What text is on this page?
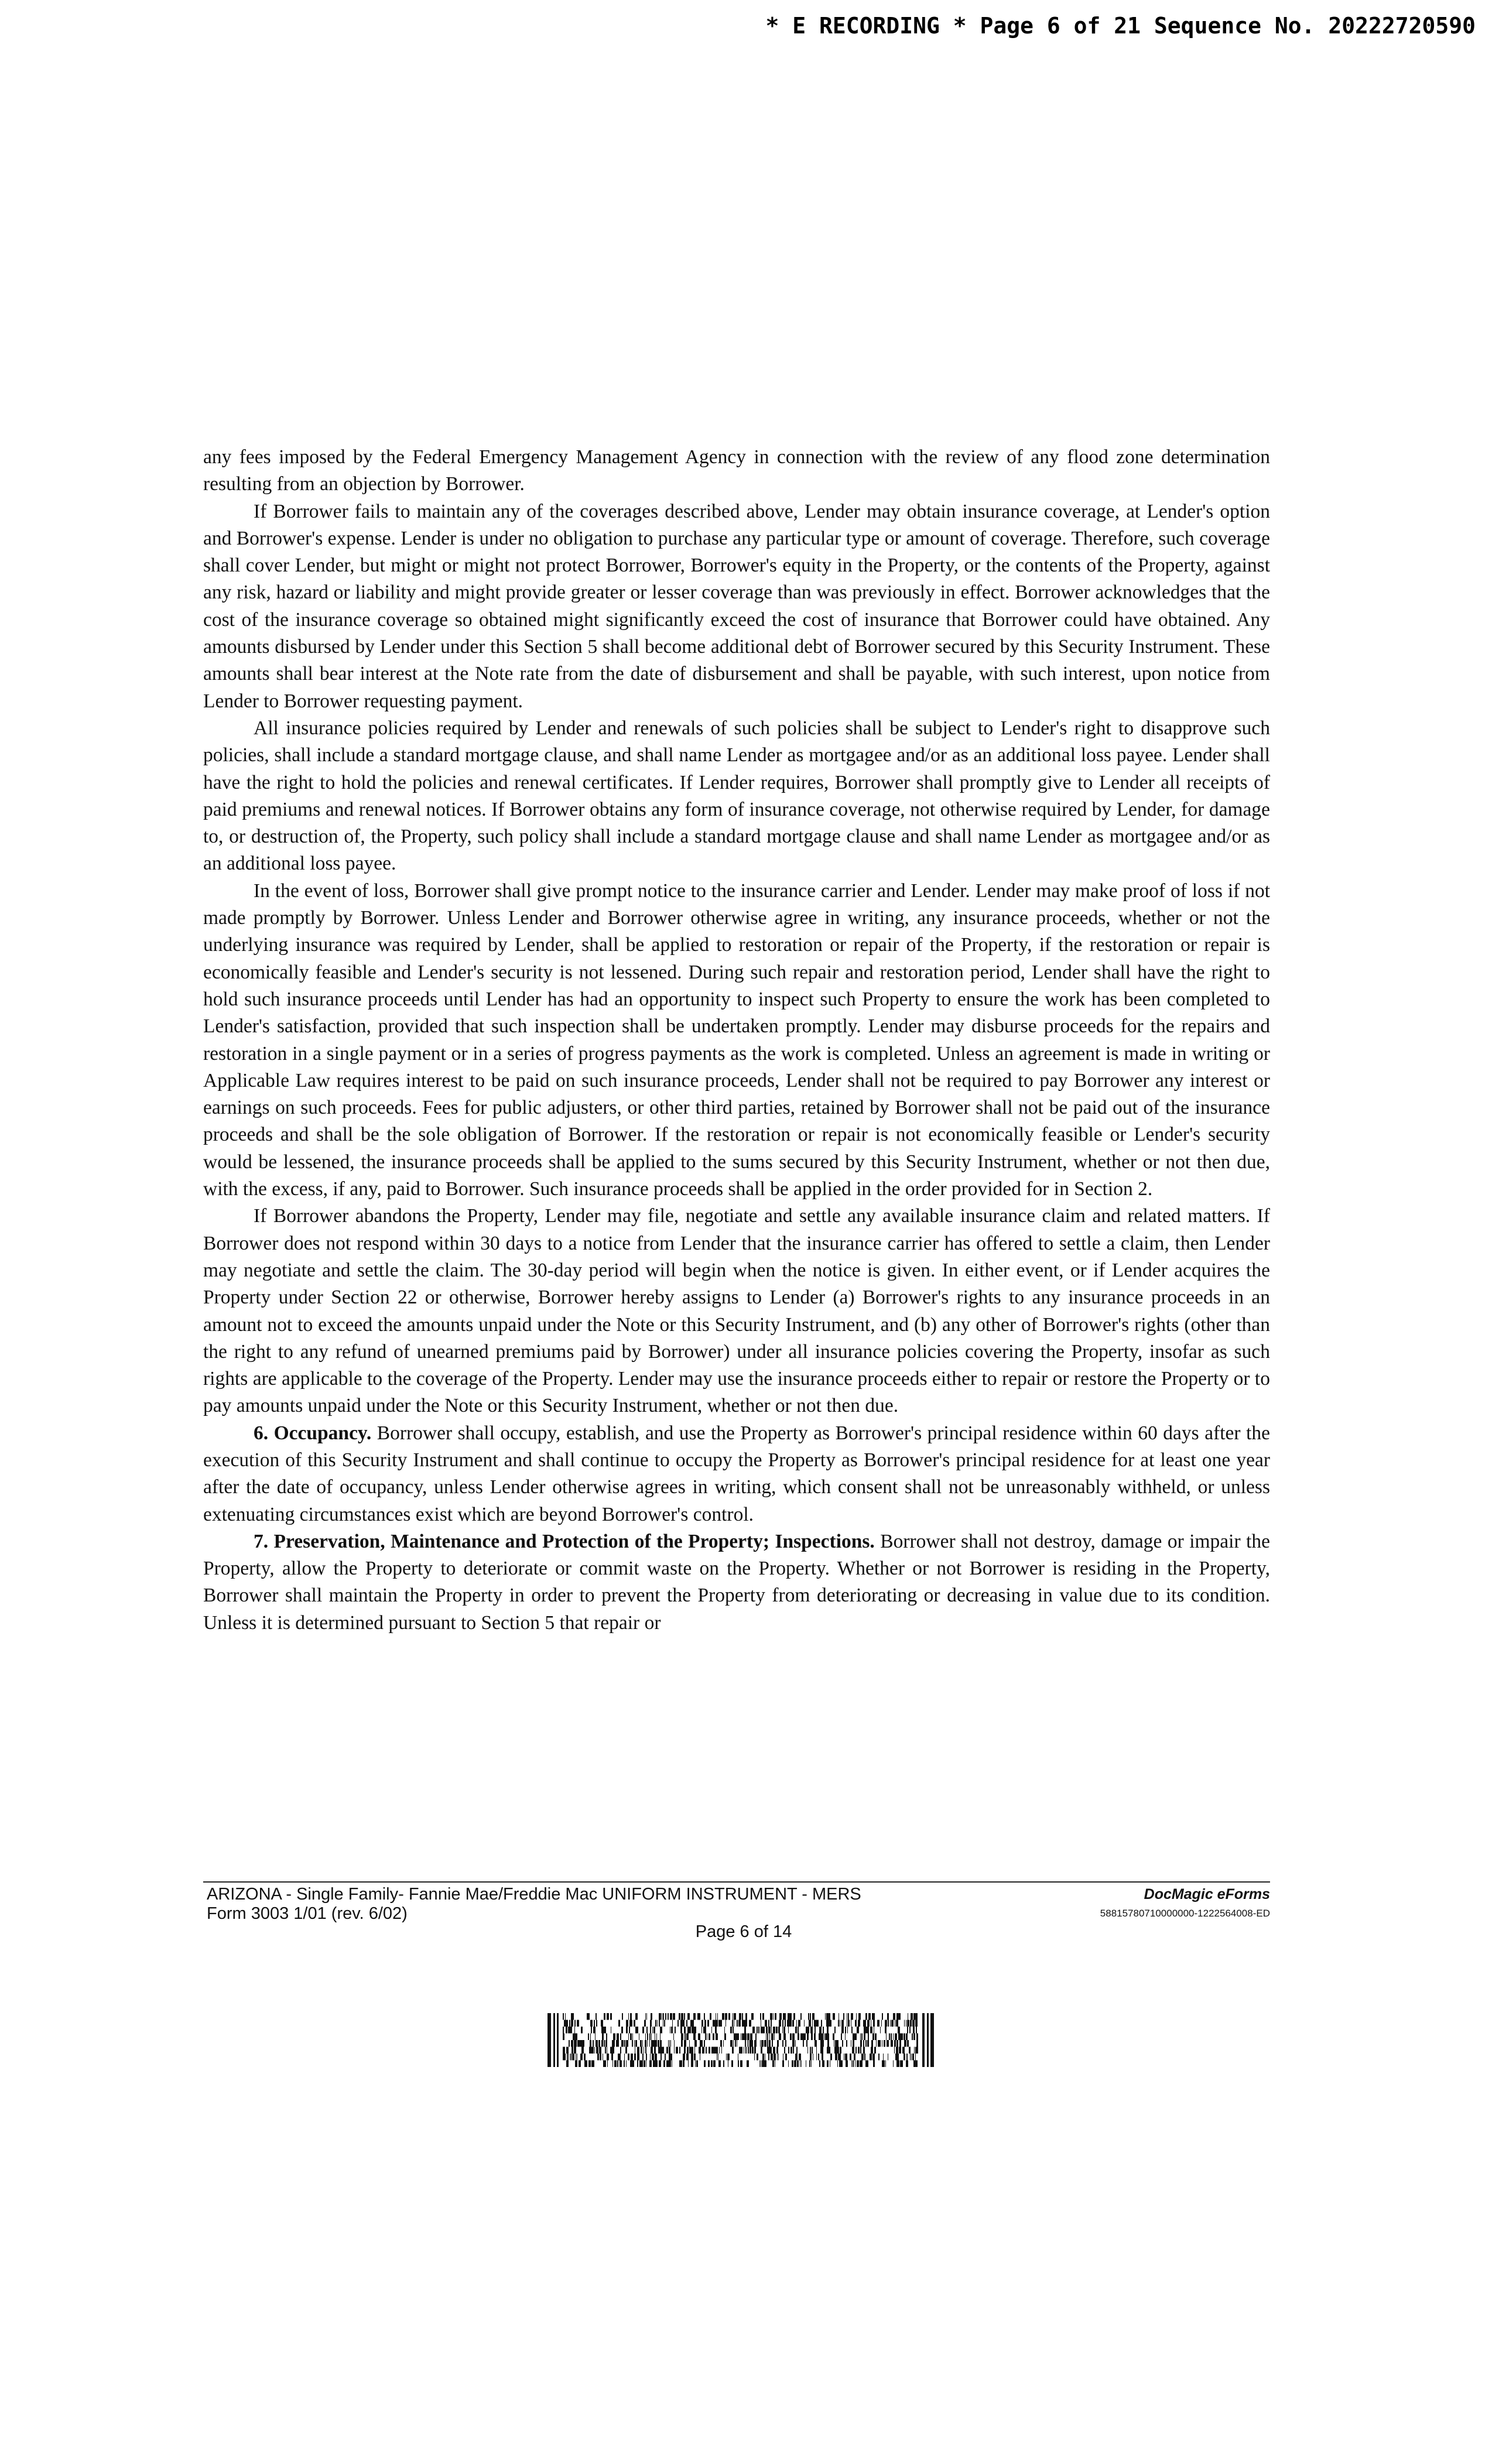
* E RECORDING * Page 6 of 21 Sequence No. 20222720590

any fees imposed by the Federal Emergency Management Agency in connection with the review of any flood zone determination resulting from an objection by Borrower.

If Borrower fails to maintain any of the coverages described above, Lender may obtain insurance coverage, at Lender's option and Borrower's expense. Lender is under no obligation to purchase any particular type or amount of coverage. Therefore, such coverage shall cover Lender, but might or might not protect Borrower, Borrower's equity in the Property, or the contents of the Property, against any risk, hazard or liability and might provide greater or lesser coverage than was previously in effect. Borrower acknowledges that the cost of the insurance coverage so obtained might significantly exceed the cost of insurance that Borrower could have obtained. Any amounts disbursed by Lender under this Section 5 shall become additional debt of Borrower secured by this Security Instrument. These amounts shall bear interest at the Note rate from the date of disbursement and shall be payable, with such interest, upon notice from Lender to Borrower requesting payment.

All insurance policies required by Lender and renewals of such policies shall be subject to Lender's right to disapprove such policies, shall include a standard mortgage clause, and shall name Lender as mortgagee and/or as an additional loss payee. Lender shall have the right to hold the policies and renewal certificates. If Lender requires, Borrower shall promptly give to Lender all receipts of paid premiums and renewal notices. If Borrower obtains any form of insurance coverage, not otherwise required by Lender, for damage to, or destruction of, the Property, such policy shall include a standard mortgage clause and shall name Lender as mortgagee and/or as an additional loss payee.

In the event of loss, Borrower shall give prompt notice to the insurance carrier and Lender. Lender may make proof of loss if not made promptly by Borrower. Unless Lender and Borrower otherwise agree in writing, any insurance proceeds, whether or not the underlying insurance was required by Lender, shall be applied to restoration or repair of the Property, if the restoration or repair is economically feasible and Lender's security is not lessened. During such repair and restoration period, Lender shall have the right to hold such insurance proceeds until Lender has had an opportunity to inspect such Property to ensure the work has been completed to Lender's satisfaction, provided that such inspection shall be undertaken promptly. Lender may disburse proceeds for the repairs and restoration in a single payment or in a series of progress payments as the work is completed. Unless an agreement is made in writing or Applicable Law requires interest to be paid on such insurance proceeds, Lender shall not be required to pay Borrower any interest or earnings on such proceeds. Fees for public adjusters, or other third parties, retained by Borrower shall not be paid out of the insurance proceeds and shall be the sole obligation of Borrower. If the restoration or repair is not economically feasible or Lender's security would be lessened, the insurance proceeds shall be applied to the sums secured by this Security Instrument, whether or not then due, with the excess, if any, paid to Borrower. Such insurance proceeds shall be applied in the order provided for in Section 2.

If Borrower abandons the Property, Lender may file, negotiate and settle any available insurance claim and related matters. If Borrower does not respond within 30 days to a notice from Lender that the insurance carrier has offered to settle a claim, then Lender may negotiate and settle the claim. The 30-day period will begin when the notice is given. In either event, or if Lender acquires the Property under Section 22 or otherwise, Borrower hereby assigns to Lender (a) Borrower's rights to any insurance proceeds in an amount not to exceed the amounts unpaid under the Note or this Security Instrument, and (b) any other of Borrower's rights (other than the right to any refund of unearned premiums paid by Borrower) under all insurance policies covering the Property, insofar as such rights are applicable to the coverage of the Property. Lender may use the insurance proceeds either to repair or restore the Property or to pay amounts unpaid under the Note or this Security Instrument, whether or not then due.

6. Occupancy. Borrower shall occupy, establish, and use the Property as Borrower's principal residence within 60 days after the execution of this Security Instrument and shall continue to occupy the Property as Borrower's principal residence for at least one year after the date of occupancy, unless Lender otherwise agrees in writing, which consent shall not be unreasonably withheld, or unless extenuating circumstances exist which are beyond Borrower's control.

7. Preservation, Maintenance and Protection of the Property; Inspections. Borrower shall not destroy, damage or impair the Property, allow the Property to deteriorate or commit waste on the Property. Whether or not Borrower is residing in the Property, Borrower shall maintain the Property in order to prevent the Property from deteriorating or decreasing in value due to its condition. Unless it is determined pursuant to Section 5 that repair or

ARIZONA - Single Family- Fannie Mae/Freddie Mac UNIFORM INSTRUMENT - MERS
Form 3003 1/01 (rev. 6/02)
DocMagic eForms
58815780710000000-1222564008-ED
Page 6 of 14
